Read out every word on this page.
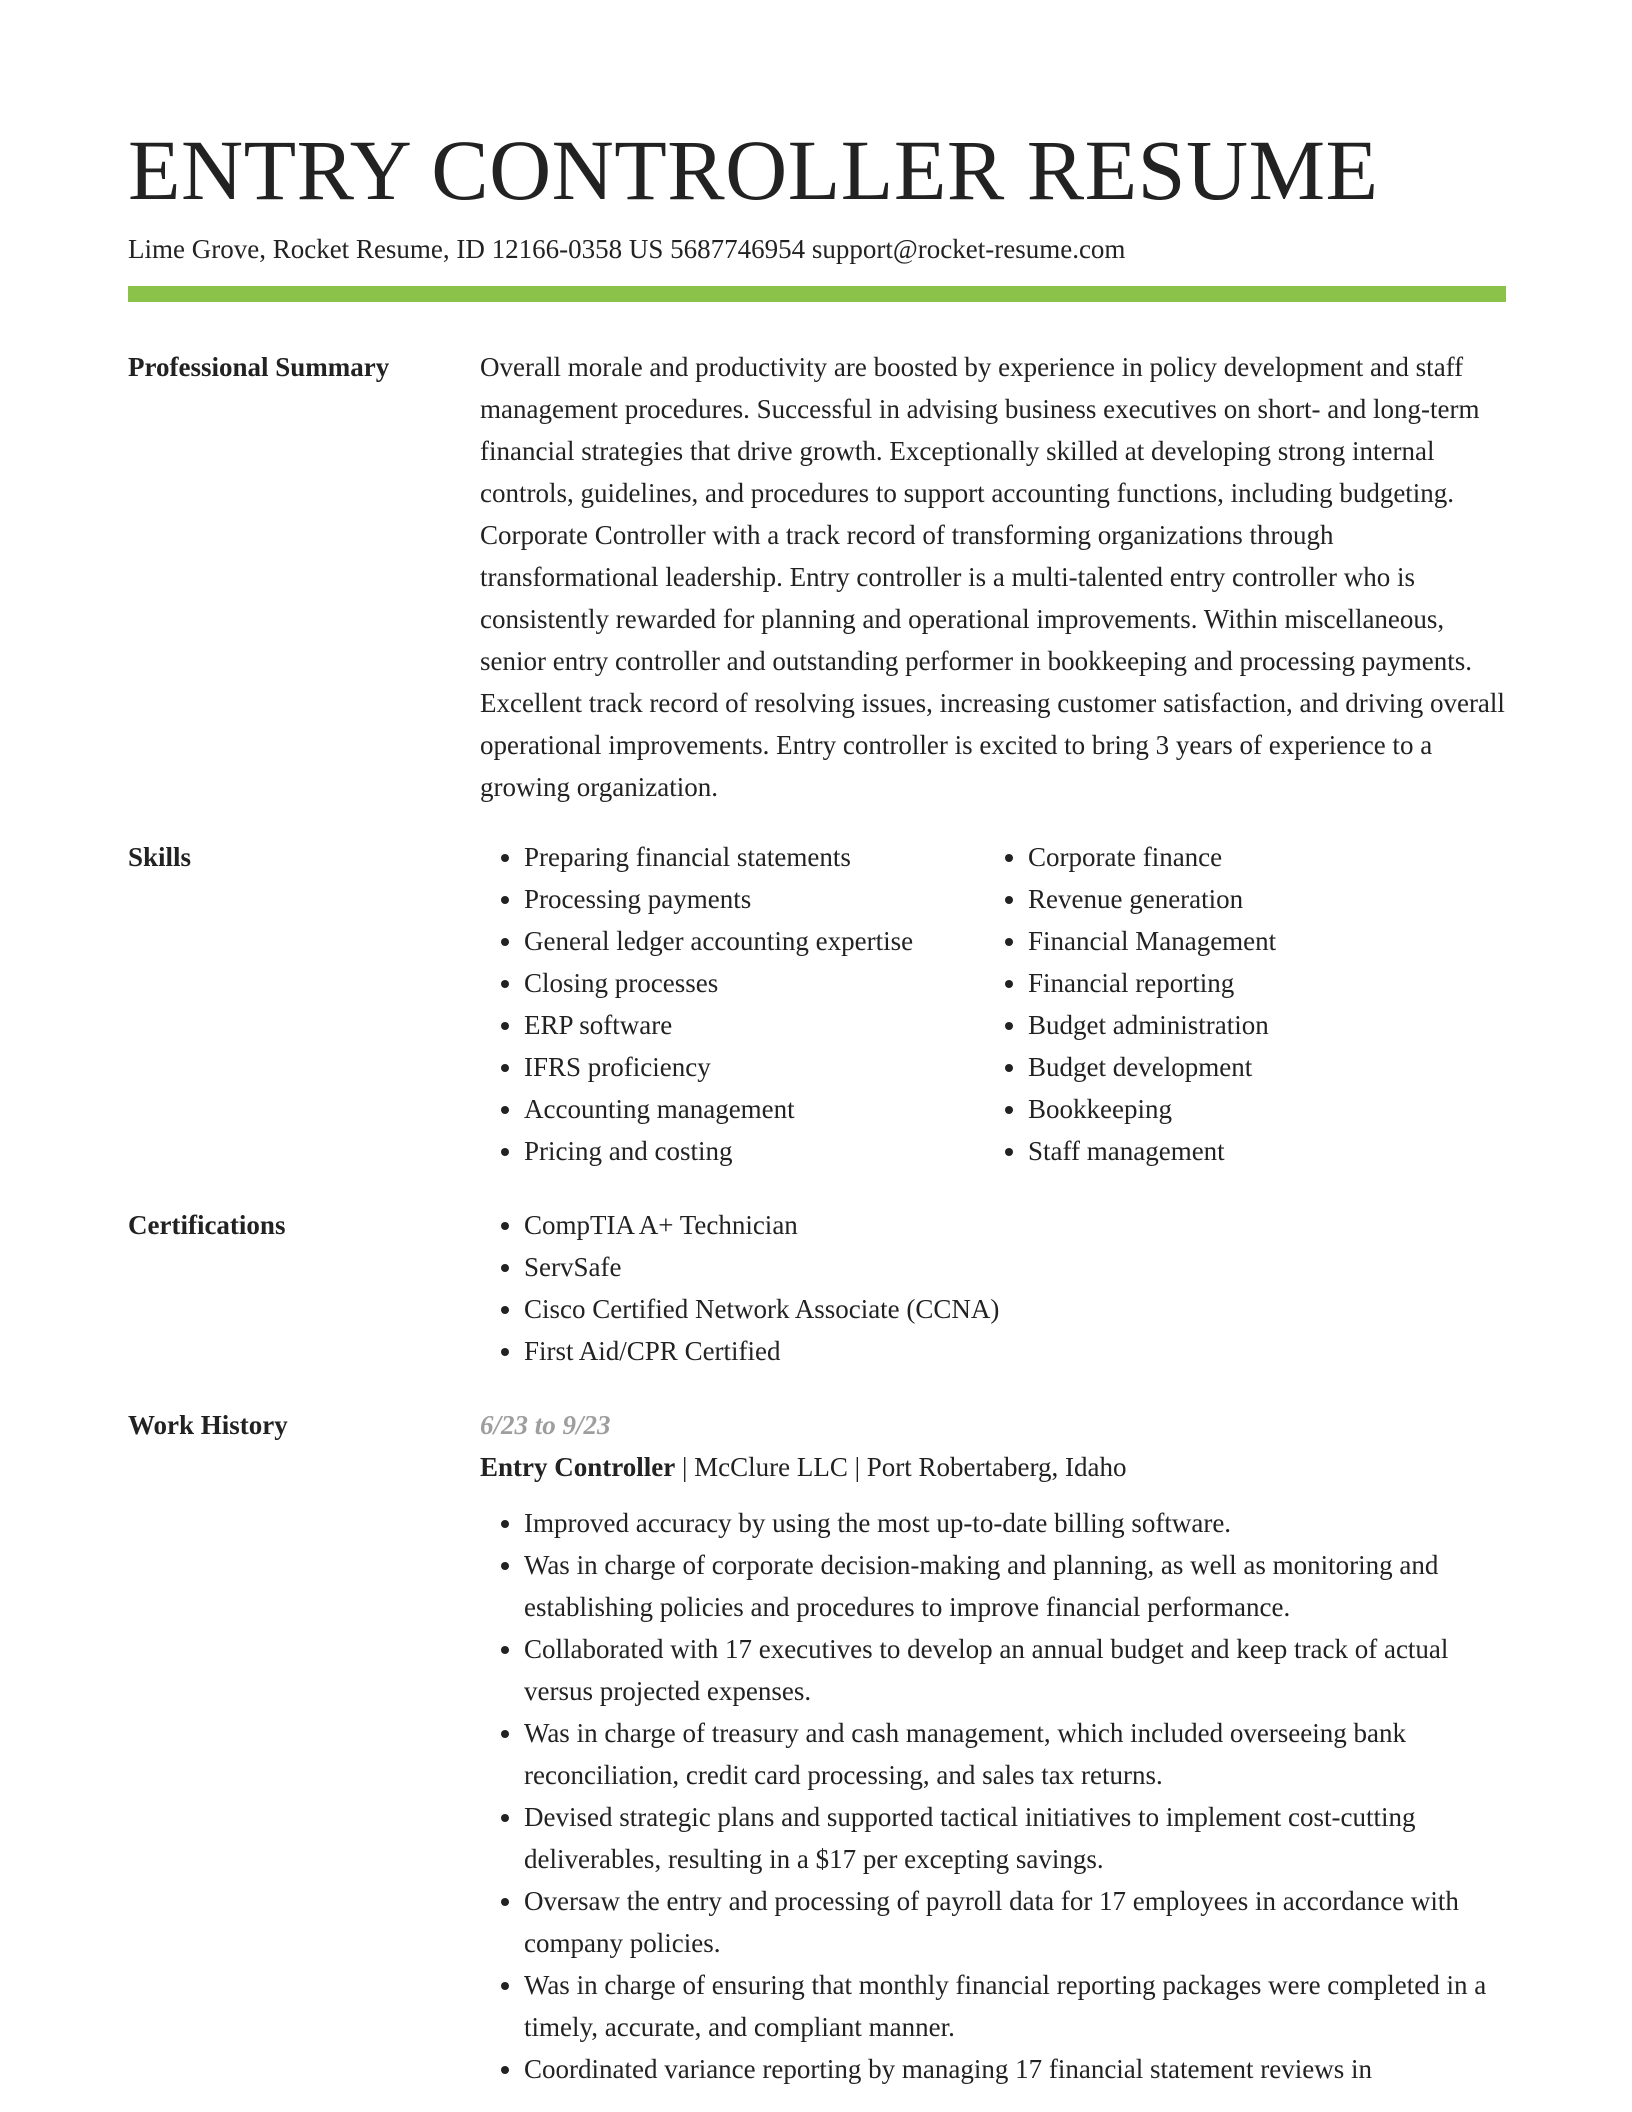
ENTRY CONTROLLER RESUME
Lime Grove, Rocket Resume, ID 12166-0358 US 5687746954 support@rocket-resume.com
Professional Summary	Overall morale and productivity are boosted by experience in policy development and staff management procedures. Successful in advising business executives on short- and long-term financial strategies that drive growth. Exceptionally skilled at developing strong internal controls, guidelines, and procedures to support accounting functions, including budgeting. Corporate Controller with a track record of transforming organizations through transformational leadership. Entry controller is a multi-talented entry controller who is consistently rewarded for planning and operational improvements. Within miscellaneous, senior entry controller and outstanding performer in bookkeeping and processing payments. Excellent track record of resolving issues, increasing customer satisfaction, and driving overall operational improvements. Entry controller is excited to bring 3 years of experience to a growing organization.

Skills	• Preparing financial statements
• Processing payments
• General ledger accounting expertise
• Closing processes
• ERP software
• IFRS proficiency
• Accounting management
• Pricing and costing
• Corporate finance
• Revenue generation
• Financial Management
• Financial reporting
• Budget administration
• Budget development
• Bookkeeping
• Staff management
Certifications	• CompTIA A+ Technician
• ServSafe
• Cisco Certified Network Associate (CCNA)
• First Aid/CPR Certified
Work History	6/23 to 9/23
Entry Controller | McClure LLC | Port Robertaberg, Idaho
• Improved accuracy by using the most up-to-date billing software.
• Was in charge of corporate decision-making and planning, as well as monitoring and establishing policies and procedures to improve financial performance.
• Collaborated with 17 executives to develop an annual budget and keep track of actual versus projected expenses.
• Was in charge of treasury and cash management, which included overseeing bank reconciliation, credit card processing, and sales tax returns.
• Devised strategic plans and supported tactical initiatives to implement cost-cutting deliverables, resulting in a $17 per excepting savings.
• Oversaw the entry and processing of payroll data for 17 employees in accordance with company policies.
• Was in charge of ensuring that monthly financial reporting packages were completed in a timely, accurate, and compliant manner.
• Coordinated variance reporting by managing 17 financial statement reviews in
